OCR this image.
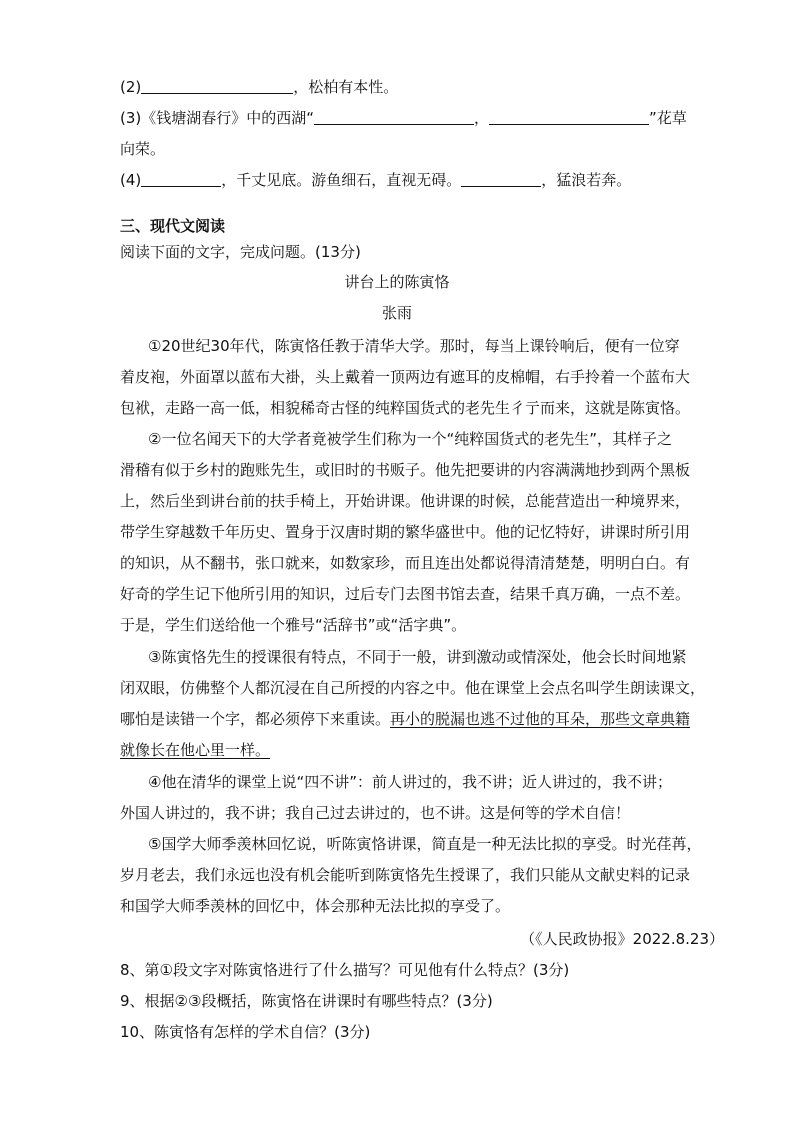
(2)	，松柏有本性。
(3)《钱塘湖春行》中的西湖“	，	”花草
向荣。
(4)	，千丈见底。游鱼细石，直视无碍。	，猛浪若奔。
三、现代文阅读
阅读下面的文字，完成问题。(13分)
讲台上的陈寅恪
张雨
①20世纪30年代，陈寅恪任教于清华大学。那时，每当上课铃响后，便有一位穿
着皮袍，外面罩以蓝布大褂，头上戴着一顶两边有遮耳的皮棉帽，右手拎着一个蓝布大
包袱，走路一高一低，相貌稀奇古怪的纯粹国货式的老先生彳亍而来，这就是陈寅恪。
②一位名闻天下的大学者竟被学生们称为一个“纯粹国货式的老先生”，其样子之
滑稽有似于乡村的跑账先生，或旧时的书贩子。他先把要讲的内容满满地抄到两个黑板
上，然后坐到讲台前的扶手椅上，开始讲课。他讲课的时候，总能营造出一种境界来，
带学生穿越数千年历史、置身于汉唐时期的繁华盛世中。他的记忆特好，讲课时所引用
的知识，从不翻书，张口就来，如数家珍，而且连出处都说得清清楚楚，明明白白。有
好奇的学生记下他所引用的知识，过后专门去图书馆去查，结果千真万确，一点不差。
于是，学生们送给他一个雅号“活辞书”或“活字典”。
③陈寅恪先生的授课很有特点，不同于一般，讲到激动或情深处，他会长时间地紧
闭双眼，仿佛整个人都沉浸在自己所授的内容之中。他在课堂上会点名叫学生朗读课文，
哪怕是读错一个字，都必须停下来重读。再小的脱漏也逃不过他的耳朵，那些文章典籍
就像长在他心里一样。
④他在清华的课堂上说“四不讲”：前人讲过的，我不讲；近人讲过的，我不讲；
外国人讲过的，我不讲；我自己过去讲过的，也不讲。这是何等的学术自信！
⑤国学大师季羡林回忆说，听陈寅恪讲课，简直是一种无法比拟的享受。时光荏苒，
岁月老去，我们永远也没有机会能听到陈寅恪先生授课了，我们只能从文献史料的记录
和国学大师季羡林的回忆中，体会那种无法比拟的享受了。
（《人民政协报》2022.8.23）
8、第①段文字对陈寅恪进行了什么描写？可见他有什么特点？(3分)
9、根据②③段概括，陈寅恪在讲课时有哪些特点？(3分)
10、陈寅恪有怎样的学术自信？(3分)
